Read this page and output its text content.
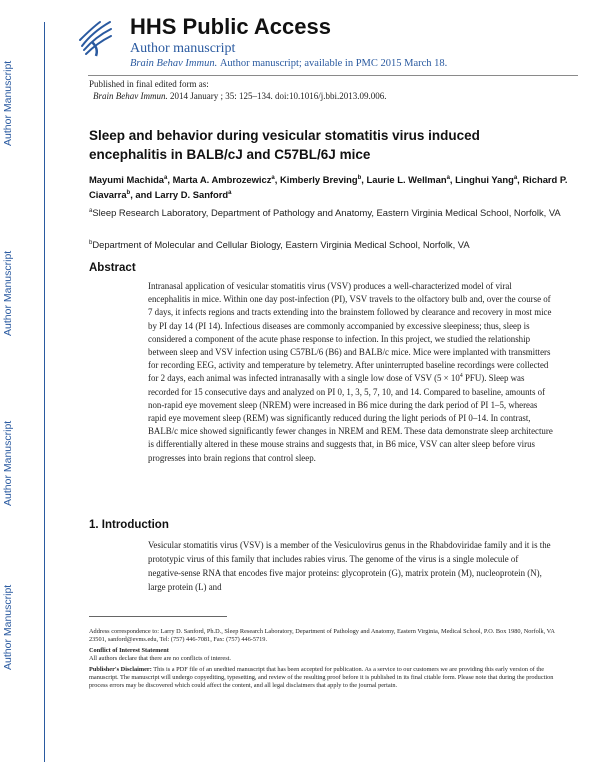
Author Manuscript
Author Manuscript
Author Manuscript
Author Manuscript
HHS Public Access
Author manuscript
Brain Behav Immun. Author manuscript; available in PMC 2015 March 18.
Published in final edited form as:
Brain Behav Immun. 2014 January ; 35: 125–134. doi:10.1016/j.bbi.2013.09.006.
Sleep and behavior during vesicular stomatitis virus induced encephalitis in BALB/cJ and C57BL/6J mice
Mayumi Machida$^a$, Marta A. Ambrozewicz$^a$, Kimberly Breving$^b$, Laurie L. Wellman$^a$, Linghui Yang$^a$, Richard P. Ciavarra$^b$, and Larry D. Sanford$^a$
$^a$Sleep Research Laboratory, Department of Pathology and Anatomy, Eastern Virginia Medical School, Norfolk, VA
$^b$Department of Molecular and Cellular Biology, Eastern Virginia Medical School, Norfolk, VA
Abstract
Intranasal application of vesicular stomatitis virus (VSV) produces a well-characterized model of viral encephalitis in mice. Within one day post-infection (PI), VSV travels to the olfactory bulb and, over the course of 7 days, it infects regions and tracts extending into the brainstem followed by clearance and recovery in most mice by PI day 14 (PI 14). Infectious diseases are commonly accompanied by excessive sleepiness; thus, sleep is considered a component of the acute phase response to infection. In this project, we studied the relationship between sleep and VSV infection using C57BL/6 (B6) and BALB/c mice. Mice were implanted with transmitters for recording EEG, activity and temperature by telemetry. After uninterrupted baseline recordings were collected for 2 days, each animal was infected intranasally with a single low dose of VSV ($5 \times 10^4$ PFU). Sleep was recorded for 15 consecutive days and analyzed on PI 0, 1, 3, 5, 7, 10, and 14. Compared to baseline, amounts of non-rapid eye movement sleep (NREM) were increased in B6 mice during the dark period of PI 1–5, whereas rapid eye movement sleep (REM) was significantly reduced during the light periods of PI 0–14. In contrast, BALB/c mice showed significantly fewer changes in NREM and REM. These data demonstrate sleep architecture is differentially altered in these mouse strains and suggests that, in B6 mice, VSV can alter sleep before virus progresses into brain regions that control sleep.
1. Introduction
Vesicular stomatitis virus (VSV) is a member of the Vesiculovirus genus in the Rhabdoviridae family and it is the prototypic virus of this family that includes rabies virus. The genome of the virus is a single molecule of negative-sense RNA that encodes five major proteins: glycoprotein (G), matrix protein (M), nucleoprotein (N), large protein (L) and
Address correspondence to: Larry D. Sanford, Ph.D., Sleep Research Laboratory, Department of Pathology and Anatomy, Eastern Virginia, Medical School, P.O. Box 1980, Norfolk, VA 23501, sanford@evms.edu, Tel: (757) 446-7081, Fax: (757) 446-5719.
Conflict of Interest Statement
All authors declare that there are no conflicts of interest.
Publisher's Disclaimer: This is a PDF file of an unedited manuscript that has been accepted for publication. As a service to our customers we are providing this early version of the manuscript. The manuscript will undergo copyediting, typesetting, and review of the resulting proof before it is published in its final citable form. Please note that during the production process errors may be discovered which could affect the content, and all legal disclaimers that apply to the journal pertain.
